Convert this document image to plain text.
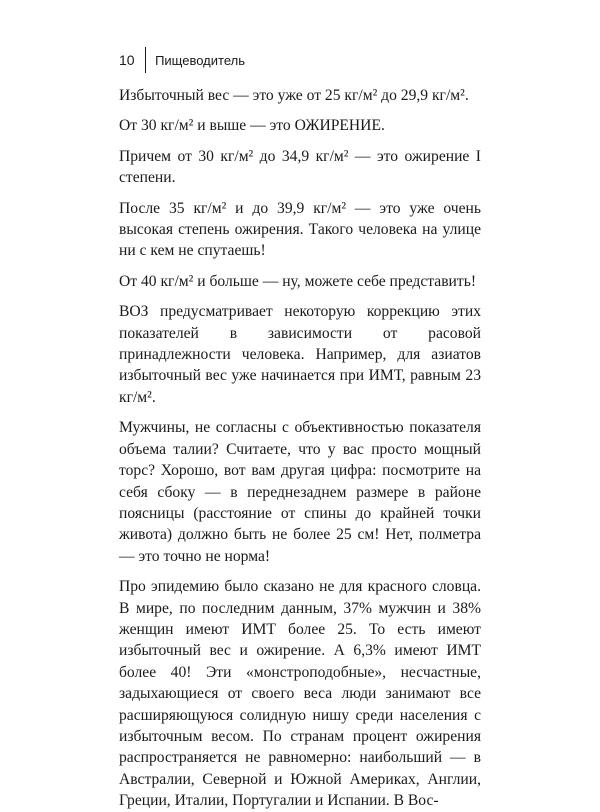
10 Пищеводитель

Избыточный вес — это уже от 25 кг/м² до 29,9 кг/м².

От 30 кг/м² и выше — это ОЖИРЕНИЕ.

Причем от 30 кг/м² до 34,9 кг/м² — это ожирение I степени.

После 35 кг/м² и до 39,9 кг/м² — это уже очень высокая степень ожирения. Такого человека на улице ни с кем не спутаешь!

От 40 кг/м² и больше — ну, можете себе представить!

ВОЗ предусматривает некоторую коррекцию этих показателей в зависимости от расовой принадлежности человека. Например, для азиатов избыточный вес уже начинается при ИМТ, равным 23 кг/м².

Мужчины, не согласны с объективностью показателя объема талии? Считаете, что у вас просто мощный торс? Хорошо, вот вам другая цифра: посмотрите на себя сбоку — в переднезаднем размере в районе поясницы (расстояние от спины до крайней точки живота) должно быть не более 25 см! Нет, полметра — это точно не норма!

Про эпидемию было сказано не для красного словца. В мире, по последним данным, 37% мужчин и 38% женщин имеют ИМТ более 25. То есть имеют избыточный вес и ожирение. А 6,3% имеют ИМТ более 40! Эти «монстроподобные», несчастные, задыхающиеся от своего веса люди занимают все расширяющуюся солидную нишу среди населения с избыточным весом. По странам процент ожирения распространяется не равномерно: наибольший — в Австралии, Северной и Южной Америках, Англии, Греции, Италии, Португалии и Испании. В Вос-
